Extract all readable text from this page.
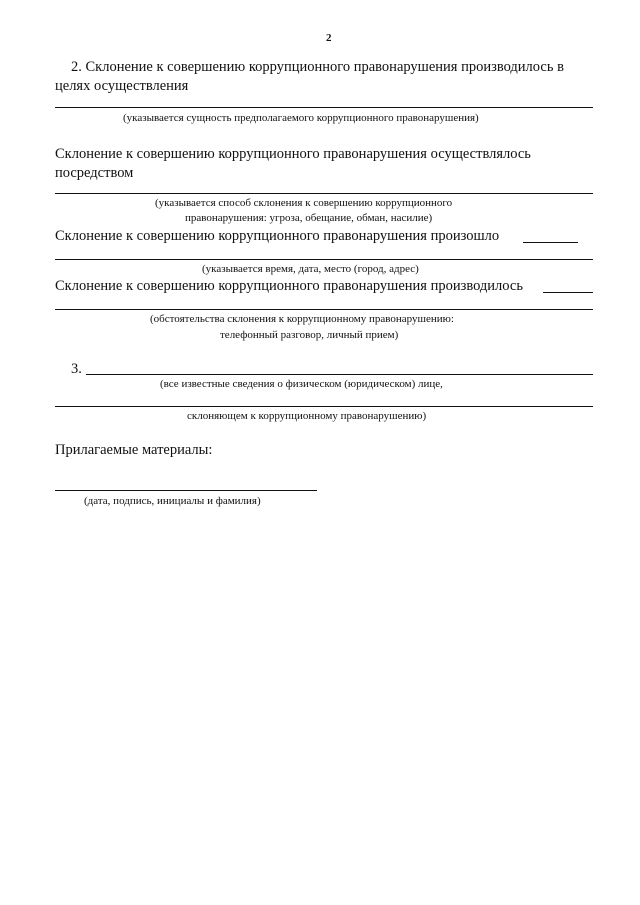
2
2. Склонение к совершению коррупционного правонарушения производилось в
целях осуществления
(указывается сущность предполагаемого коррупционного правонарушения)
Склонение к совершению коррупционного правонарушения осуществлялось
посредством
(указывается способ склонения к совершению коррупционного
правонарушения: угроза, обещание, обман, насилие)
Склонение к совершению коррупционного правонарушения произошло
(указывается время, дата, место (город, адрес)
Склонение к совершению коррупционного правонарушения производилось
(обстоятельства склонения к коррупционному правонарушению:
телефонный разговор, личный прием)
3.
(все известные сведения о физическом (юридическом) лице,
склоняющем к коррупционному правонарушению)
Прилагаемые материалы:
(дата, подпись, инициалы и фамилия)
